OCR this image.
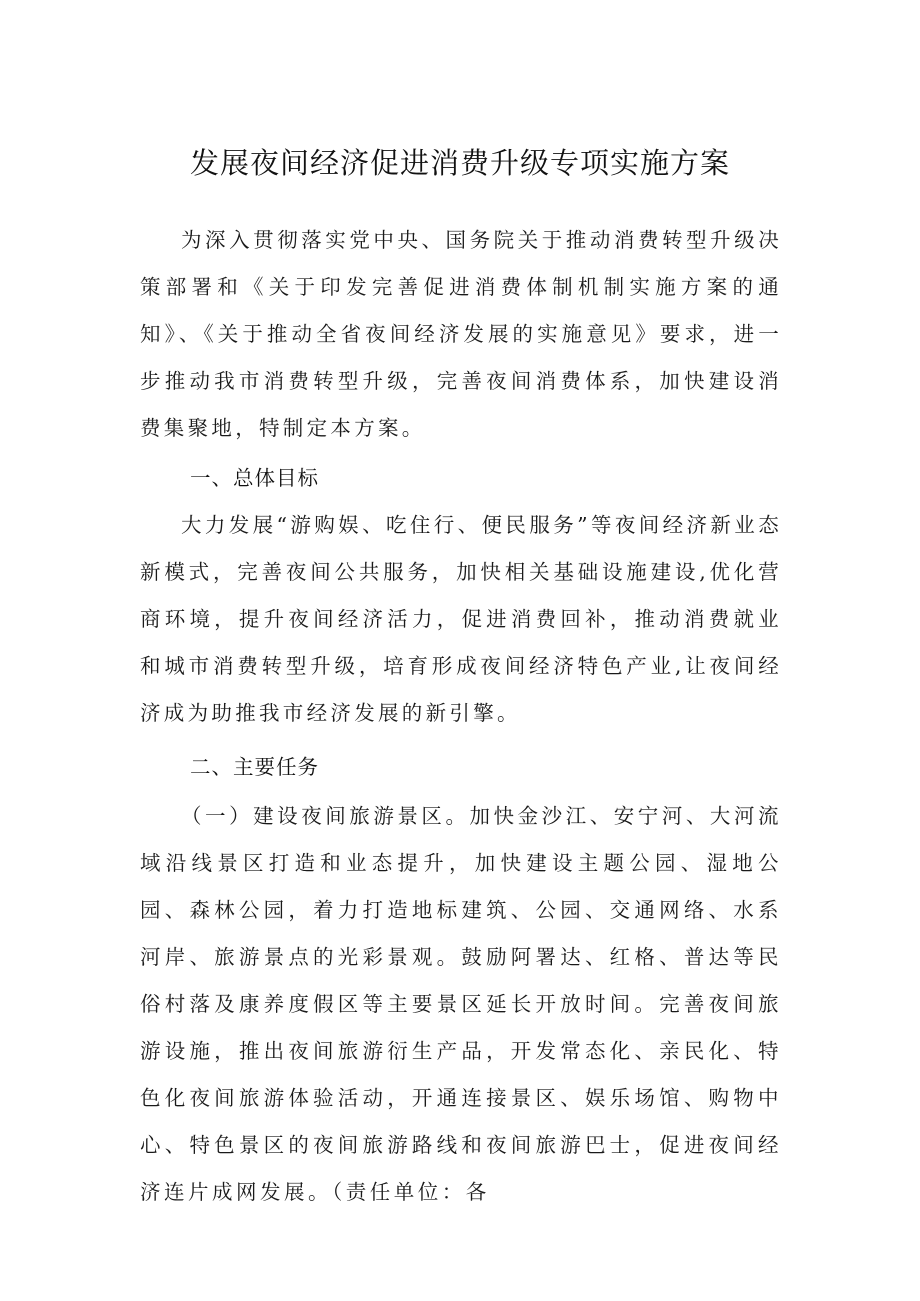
发展夜间经济促进消费升级专项实施方案

为深入贯彻落实党中央、国务院关于推动消费转型升级决策部署和《关于印发完善促进消费体制机制实施方案的通知》、《关于推动全省夜间经济发展的实施意见》要求，进一步推动我市消费转型升级，完善夜间消费体系，加快建设消费集聚地，特制定本方案。

一、总体目标

大力发展“游购娱、吃住行、便民服务”等夜间经济新业态新模式，完善夜间公共服务，加快相关基础设施建设,优化营商环境，提升夜间经济活力，促进消费回补，推动消费就业和城市消费转型升级，培育形成夜间经济特色产业,让夜间经济成为助推我市经济发展的新引擎。

二、主要任务

（一）建设夜间旅游景区。加快金沙江、安宁河、大河流域沿线景区打造和业态提升，加快建设主题公园、湿地公园、森林公园，着力打造地标建筑、公园、交通网络、水系河岸、旅游景点的光彩景观。鼓励阿署达、红格、普达等民俗村落及康养度假区等主要景区延长开放时间。完善夜间旅游设施，推出夜间旅游衍生产品，开发常态化、亲民化、特色化夜间旅游体验活动，开通连接景区、娱乐场馆、购物中心、特色景区的夜间旅游路线和夜间旅游巴士，促进夜间经济连片成网发展。（责任单位：各
